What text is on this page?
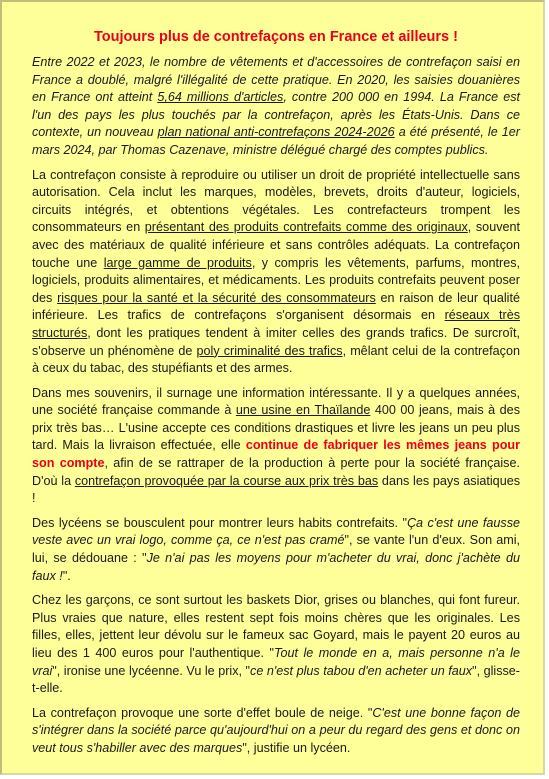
Toujours plus de contrefaçons en France et ailleurs !

Entre 2022 et 2023, le nombre de vêtements et d'accessoires de contrefaçon saisi en France a doublé, malgré l'illégalité de cette pratique. En 2020, les saisies douanières en France ont atteint 5,64 millions d'articles, contre 200 000 en 1994. La France est l'un des pays les plus touchés par la contrefaçon, après les États-Unis. Dans ce contexte, un nouveau plan national anti-contrefaçons 2024-2026 a été présenté, le 1er mars 2024, par Thomas Cazenave, ministre délégué chargé des comptes publics.

La contrefaçon consiste à reproduire ou utiliser un droit de propriété intellectuelle sans autorisation. Cela inclut les marques, modèles, brevets, droits d'auteur, logiciels, circuits intégrés, et obtentions végétales. Les contrefacteurs trompent les consommateurs en présentant des produits contrefaits comme des originaux, souvent avec des matériaux de qualité inférieure et sans contrôles adéquats. La contrefaçon touche une large gamme de produits, y compris les vêtements, parfums, montres, logiciels, produits alimentaires, et médicaments. Les produits contrefaits peuvent poser des risques pour la santé et la sécurité des consommateurs en raison de leur qualité inférieure. Les trafics de contrefaçons s'organisent désormais en réseaux très structurés, dont les pratiques tendent à imiter celles des grands trafics. De surcroît, s'observe un phénomène de poly criminalité des trafics, mêlant celui de la contrefaçon à ceux du tabac, des stupéfiants et des armes.

Dans mes souvenirs, il surnage une information intéressante. Il y a quelques années, une société française commande à une usine en Thaïlande 400 00 jeans, mais à des prix très bas… L'usine accepte ces conditions drastiques et livre les jeans un peu plus tard. Mais la livraison effectuée, elle continue de fabriquer les mêmes jeans pour son compte, afin de se rattraper de la production à perte pour la société française. D'où la contrefaçon provoquée par la course aux prix très bas dans les pays asiatiques !

Des lycéens se bousculent pour montrer leurs habits contrefaits. "Ça c'est une fausse veste avec un vrai logo, comme ça, ce n'est pas cramé", se vante l'un d'eux. Son ami, lui, se dédouane : "Je n'ai pas les moyens pour m'acheter du vrai, donc j'achète du faux !".

Chez les garçons, ce sont surtout les baskets Dior, grises ou blanches, qui font fureur. Plus vraies que nature, elles restent sept fois moins chères que les originales. Les filles, elles, jettent leur dévolu sur le fameux sac Goyard, mais le payent 20 euros au lieu des 1 400 euros pour l'authentique. "Tout le monde en a, mais personne n'a le vrai", ironise une lycéenne. Vu le prix, "ce n'est plus tabou d'en acheter un faux", glisse-t-elle.

La contrefaçon provoque une sorte d'effet boule de neige. "C'est une bonne façon de s'intégrer dans la société parce qu'aujourd'hui on a peur du regard des gens et donc on veut tous s'habiller avec des marques", justifie un lycéen.
